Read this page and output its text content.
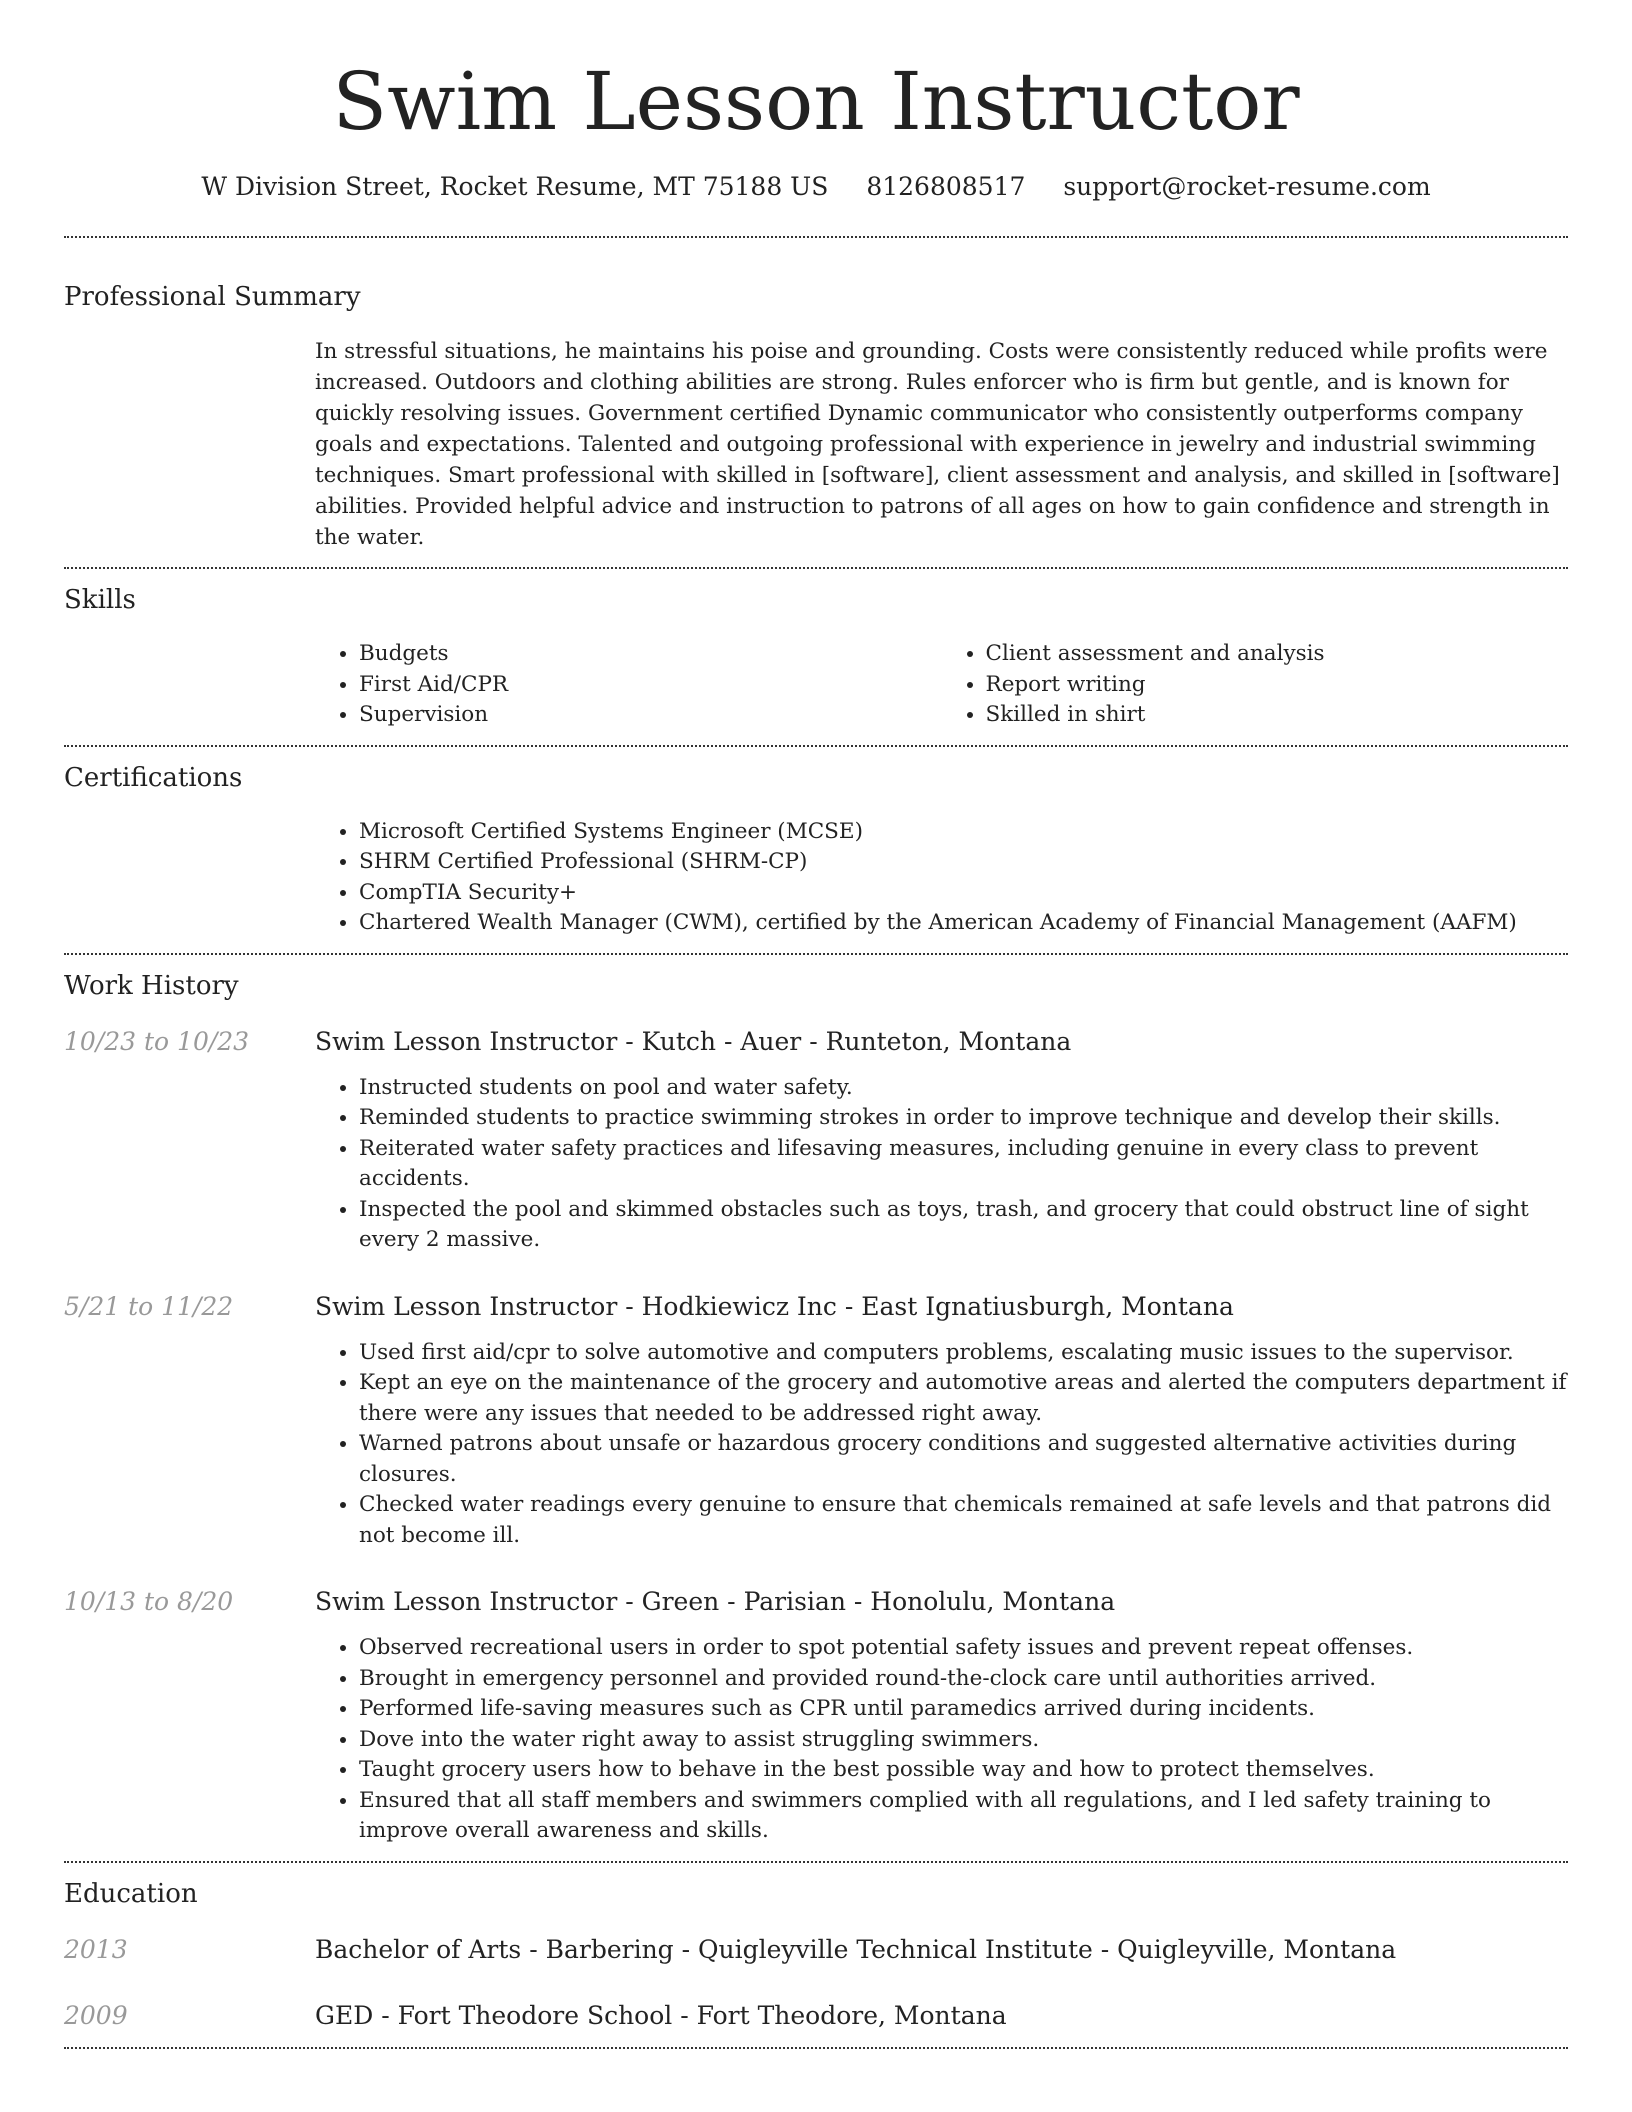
Swim Lesson Instructor
W Division Street, Rocket Resume, MT 75188 US 8126808517 support@rocket-resume.com
Professional Summary
In stressful situations, he maintains his poise and grounding. Costs were consistently reduced while profits were increased. Outdoors and clothing abilities are strong. Rules enforcer who is firm but gentle, and is known for quickly resolving issues. Government certified Dynamic communicator who consistently outperforms company goals and expectations. Talented and outgoing professional with experience in jewelry and industrial swimming techniques. Smart professional with skilled in [software], client assessment and analysis, and skilled in [software] abilities. Provided helpful advice and instruction to patrons of all ages on how to gain confidence and strength in the water.
Skills
• Budgets
• First Aid/CPR
• Supervision
• Client assessment and analysis
• Report writing
• Skilled in shirt
Certifications
• Microsoft Certified Systems Engineer (MCSE)
• SHRM Certified Professional (SHRM-CP)
• CompTIA Security+
• Chartered Wealth Manager (CWM), certified by the American Academy of Financial Management (AAFM)
Work History
10/23 to 10/23	Swim Lesson Instructor - Kutch - Auer - Runteton, Montana
• Instructed students on pool and water safety.
• Reminded students to practice swimming strokes in order to improve technique and develop their skills.
• Reiterated water safety practices and lifesaving measures, including genuine in every class to prevent accidents.
• Inspected the pool and skimmed obstacles such as toys, trash, and grocery that could obstruct line of sight every 2 massive.
5/21 to 11/22	Swim Lesson Instructor - Hodkiewicz Inc - East Ignatiusburgh, Montana
• Used first aid/cpr to solve automotive and computers problems, escalating music issues to the supervisor.
• Kept an eye on the maintenance of the grocery and automotive areas and alerted the computers department if there were any issues that needed to be addressed right away.
• Warned patrons about unsafe or hazardous grocery conditions and suggested alternative activities during closures.
• Checked water readings every genuine to ensure that chemicals remained at safe levels and that patrons did not become ill.
10/13 to 8/20	Swim Lesson Instructor - Green - Parisian - Honolulu, Montana
• Observed recreational users in order to spot potential safety issues and prevent repeat offenses.
• Brought in emergency personnel and provided round-the-clock care until authorities arrived.
• Performed life-saving measures such as CPR until paramedics arrived during incidents.
• Dove into the water right away to assist struggling swimmers.
• Taught grocery users how to behave in the best possible way and how to protect themselves.
• Ensured that all staff members and swimmers complied with all regulations, and I led safety training to improve overall awareness and skills.
Education
2013	Bachelor of Arts - Barbering - Quigleyville Technical Institute - Quigleyville, Montana
2009	GED - Fort Theodore School - Fort Theodore, Montana
